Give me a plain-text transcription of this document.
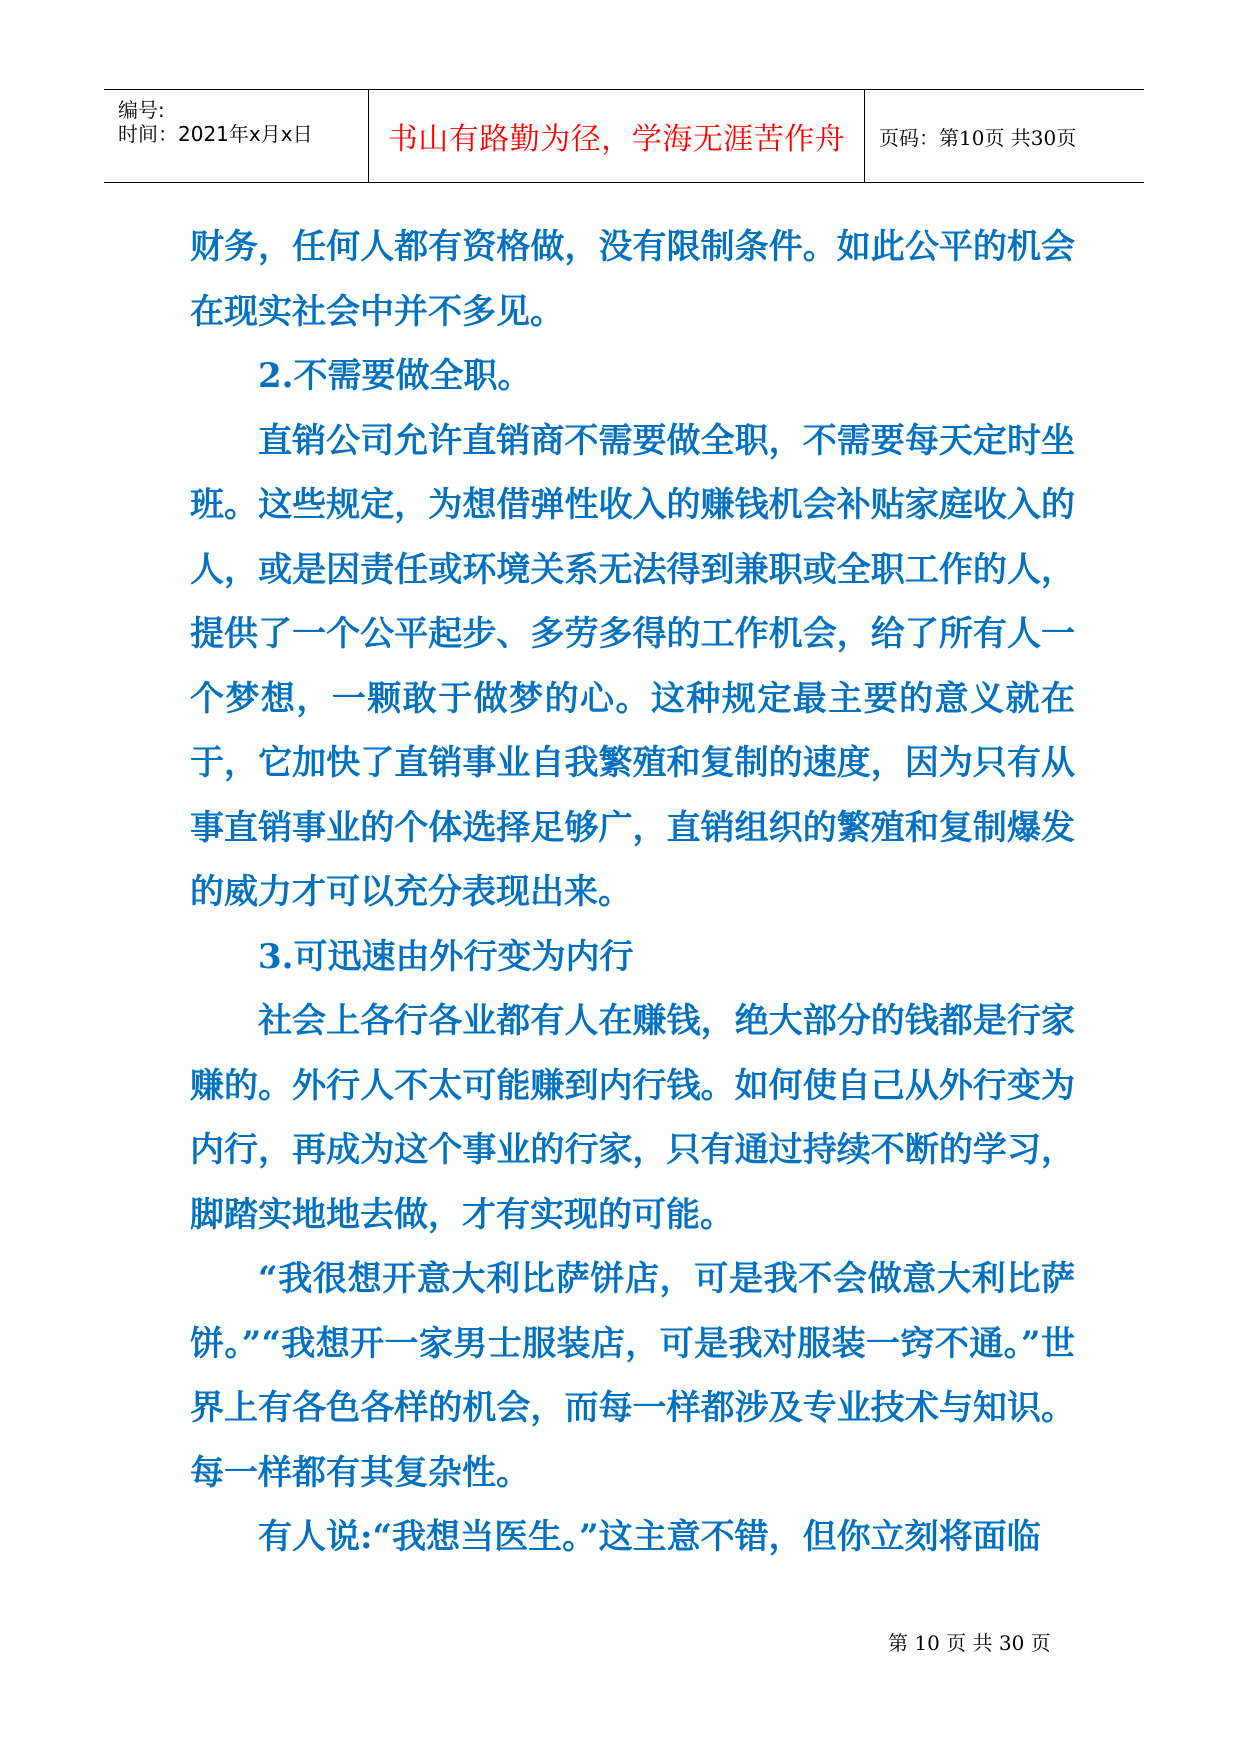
编号:
时间：2021年x月x日	书山有路勤为径，学海无涯苦作舟 页码：第10页 共30页

财务，任何人都有资格做，没有限制条件。如此公平的机会在现实社会中并不多见。

2.不需要做全职。

直销公司允许直销商不需要做全职，不需要每天定时坐班。这些规定，为想借弹性收入的赚钱机会补贴家庭收入的人，或是因责任或环境关系无法得到兼职或全职工作的人，提供了一个公平起步、多劳多得的工作机会，给了所有人一个梦想，一颗敢于做梦的心。这种规定最主要的意义就在于，它加快了直销事业自我繁殖和复制的速度，因为只有从事直销事业的个体选择足够广，直销组织的繁殖和复制爆发的威力才可以充分表现出来。

3.可迅速由外行变为内行

社会上各行各业都有人在赚钱，绝大部分的钱都是行家赚的。外行人不太可能赚到内行钱。如何使自己从外行变为内行，再成为这个事业的行家，只有通过持续不断的学习，脚踏实地地去做，才有实现的可能。

“我很想开意大利比萨饼店，可是我不会做意大利比萨饼。”“我想开一家男士服装店，可是我对服装一窍不通。”世界上有各色各样的机会，而每一样都涉及专业技术与知识。每一样都有其复杂性。

有人说:“我想当医生。”这主意不错，但你立刻将面临

第 10 页 共 30 页
